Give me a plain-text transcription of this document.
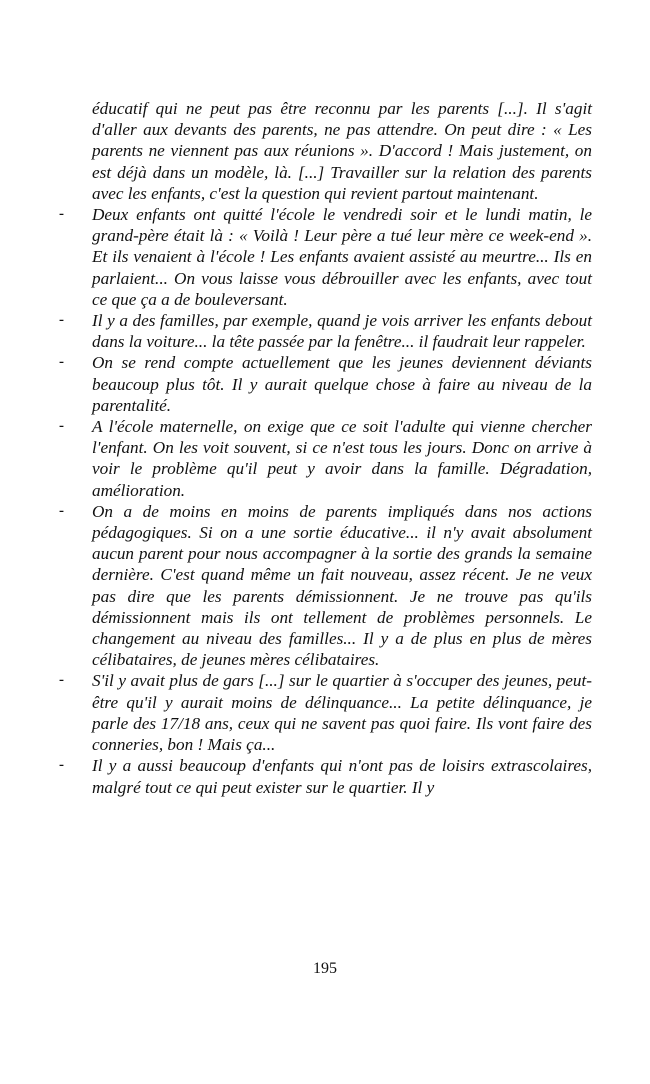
éducatif qui ne peut pas être reconnu par les parents [...]. Il s'agit d'aller aux devants des parents, ne pas attendre. On peut dire : « Les parents ne viennent pas aux réunions ». D'accord ! Mais justement, on est déjà dans un modèle, là. [...] Travailler sur la relation des parents avec les enfants, c'est la question qui revient partout maintenant.

- Deux enfants ont quitté l'école le vendredi soir et le lundi matin, le grand-père était là : « Voilà ! Leur père a tué leur mère ce week-end ». Et ils venaient à l'école ! Les enfants avaient assisté au meurtre... Ils en parlaient... On vous laisse vous débrouiller avec les enfants, avec tout ce que ça a de bouleversant.

- Il y a des familles, par exemple, quand je vois arriver les enfants debout dans la voiture... la tête passée par la fenêtre... il faudrait leur rappeler.

- On se rend compte actuellement que les jeunes deviennent déviants beaucoup plus tôt. Il y aurait quelque chose à faire au niveau de la parentalité.

- A l'école maternelle, on exige que ce soit l'adulte qui vienne chercher l'enfant. On les voit souvent, si ce n'est tous les jours. Donc on arrive à voir le problème qu'il peut y avoir dans la famille. Dégradation, amélioration.

- On a de moins en moins de parents impliqués dans nos actions pédagogiques. Si on a une sortie éducative... il n'y avait absolument aucun parent pour nous accompagner à la sortie des grands la semaine dernière. C'est quand même un fait nouveau, assez récent. Je ne veux pas dire que les parents démissionnent. Je ne trouve pas qu'ils démissionnent mais ils ont tellement de problèmes personnels. Le changement au niveau des familles... Il y a de plus en plus de mères célibataires, de jeunes mères célibataires.

- S'il y avait plus de gars [...] sur le quartier à s'occuper des jeunes, peut-être qu'il y aurait moins de délinquance... La petite délinquance, je parle des 17/18 ans, ceux qui ne savent pas quoi faire. Ils vont faire des conneries, bon ! Mais ça...

- Il y a aussi beaucoup d'enfants qui n'ont pas de loisirs extrascolaires, malgré tout ce qui peut exister sur le quartier. Il y

195
